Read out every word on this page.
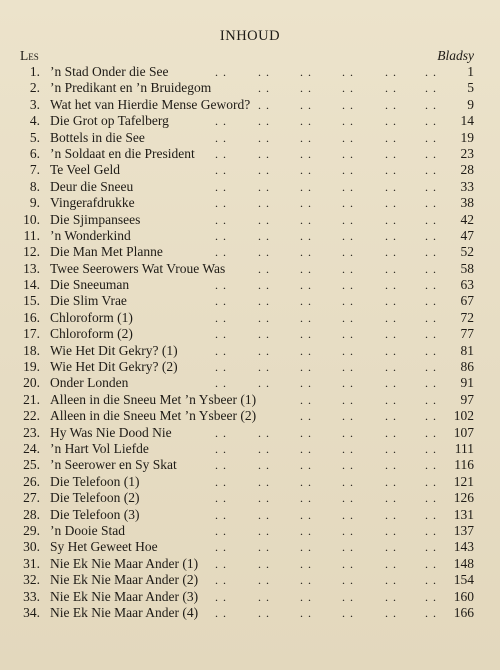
INHOUD
Les	Bladsy
1. ’n Stad Onder die See	. .	. .	. .	. .	. . . . 1
2. ’n Predikant en ’n Bruidegom	. .	. .	. .	. . . . 5
3. Wat het van Hierdie Mense Geword? . .	. .	. .	. . . . 9
4. Die Grot op Tafelberg	. .	. .	. .	. .	. . . . 14
5. Bottels in die See	. .	. .	. .	. .	. . . . 19
6. ’n Soldaat en die President . .	. .	. .	. .	. . . . 23
7. Te Veel Geld	. .	. .	. .	. .	. . . . 28
8. Deur die Sneeu	. .	. .	. .	. .	. . . . 33
9. Vingerafdrukke	. .	. .	. .	. .	. . . . 38
10. Die Sjimpansees	. .	. .	. .	. .	. . . . 42
11. ’n Wonderkind	. .	. .	. .	. .	. . . . 47
12. Die Man Met Planne	. .	. .	. .	. .	. . . . 52
13. Twee Seerowers Wat Vroue Was	. .	. .	. .	. . . . 58
14. Die Sneeuman	. .	. .	. .	. .	. . . . 63
15. Die Slim Vrae	. .	. .	. .	. .	. . . . 67
16. Chloroform (1)	. .	. .	. .	. .	. . . . 72
17. Chloroform (2)	. .	. .	. .	. .	. . . . 77
18. Wie Het Dit Gekry? (1)	. .	. .	. .	. .	. . . . 81
19. Wie Het Dit Gekry? (2)	. .	. .	. .	. .	. . . . 86
20. Onder Londen	. .	. .	. .	. .	. . . . 91
21. Alleen in die Sneeu Met ’n Ysbeer (1)	. .	. .	. . . . 97
22. Alleen in die Sneeu Met ’n Ysbeer (2)	. .	. .	. . . . 102
23. Hy Was Nie Dood Nie	. .	. .	. .	. .	. . . . 107
24. ’n Hart Vol Liefde	. .	. .	. .	. .	. . . . 111
25. ’n Seerower en Sy Skat	. .	. .	. .	. .	. . . . 116
26. Die Telefoon (1)	. .	. .	. .	. .	. . . . 121
27. Die Telefoon (2)	. .	. .	. .	. .	. . . . 126
28. Die Telefoon (3)	. .	. .	. .	. .	. . . . 131
29. ’n Dooie Stad	. .	. .	. .	. .	. . . . 137
30. Sy Het Geweet Hoe	. .	. .	. .	. .	. . . . 143
31. Nie Ek Nie Maar Ander (1) . .	. .	. .	. .	. . . . 148
32. Nie Ek Nie Maar Ander (2) . .	. .	. .	. .	. . . . 154
33. Nie Ek Nie Maar Ander (3) . .	. .	. .	. .	. . . . 160
34. Nie Ek Nie Maar Ander (4) . .	. .	. .	. .	. . . . 166
